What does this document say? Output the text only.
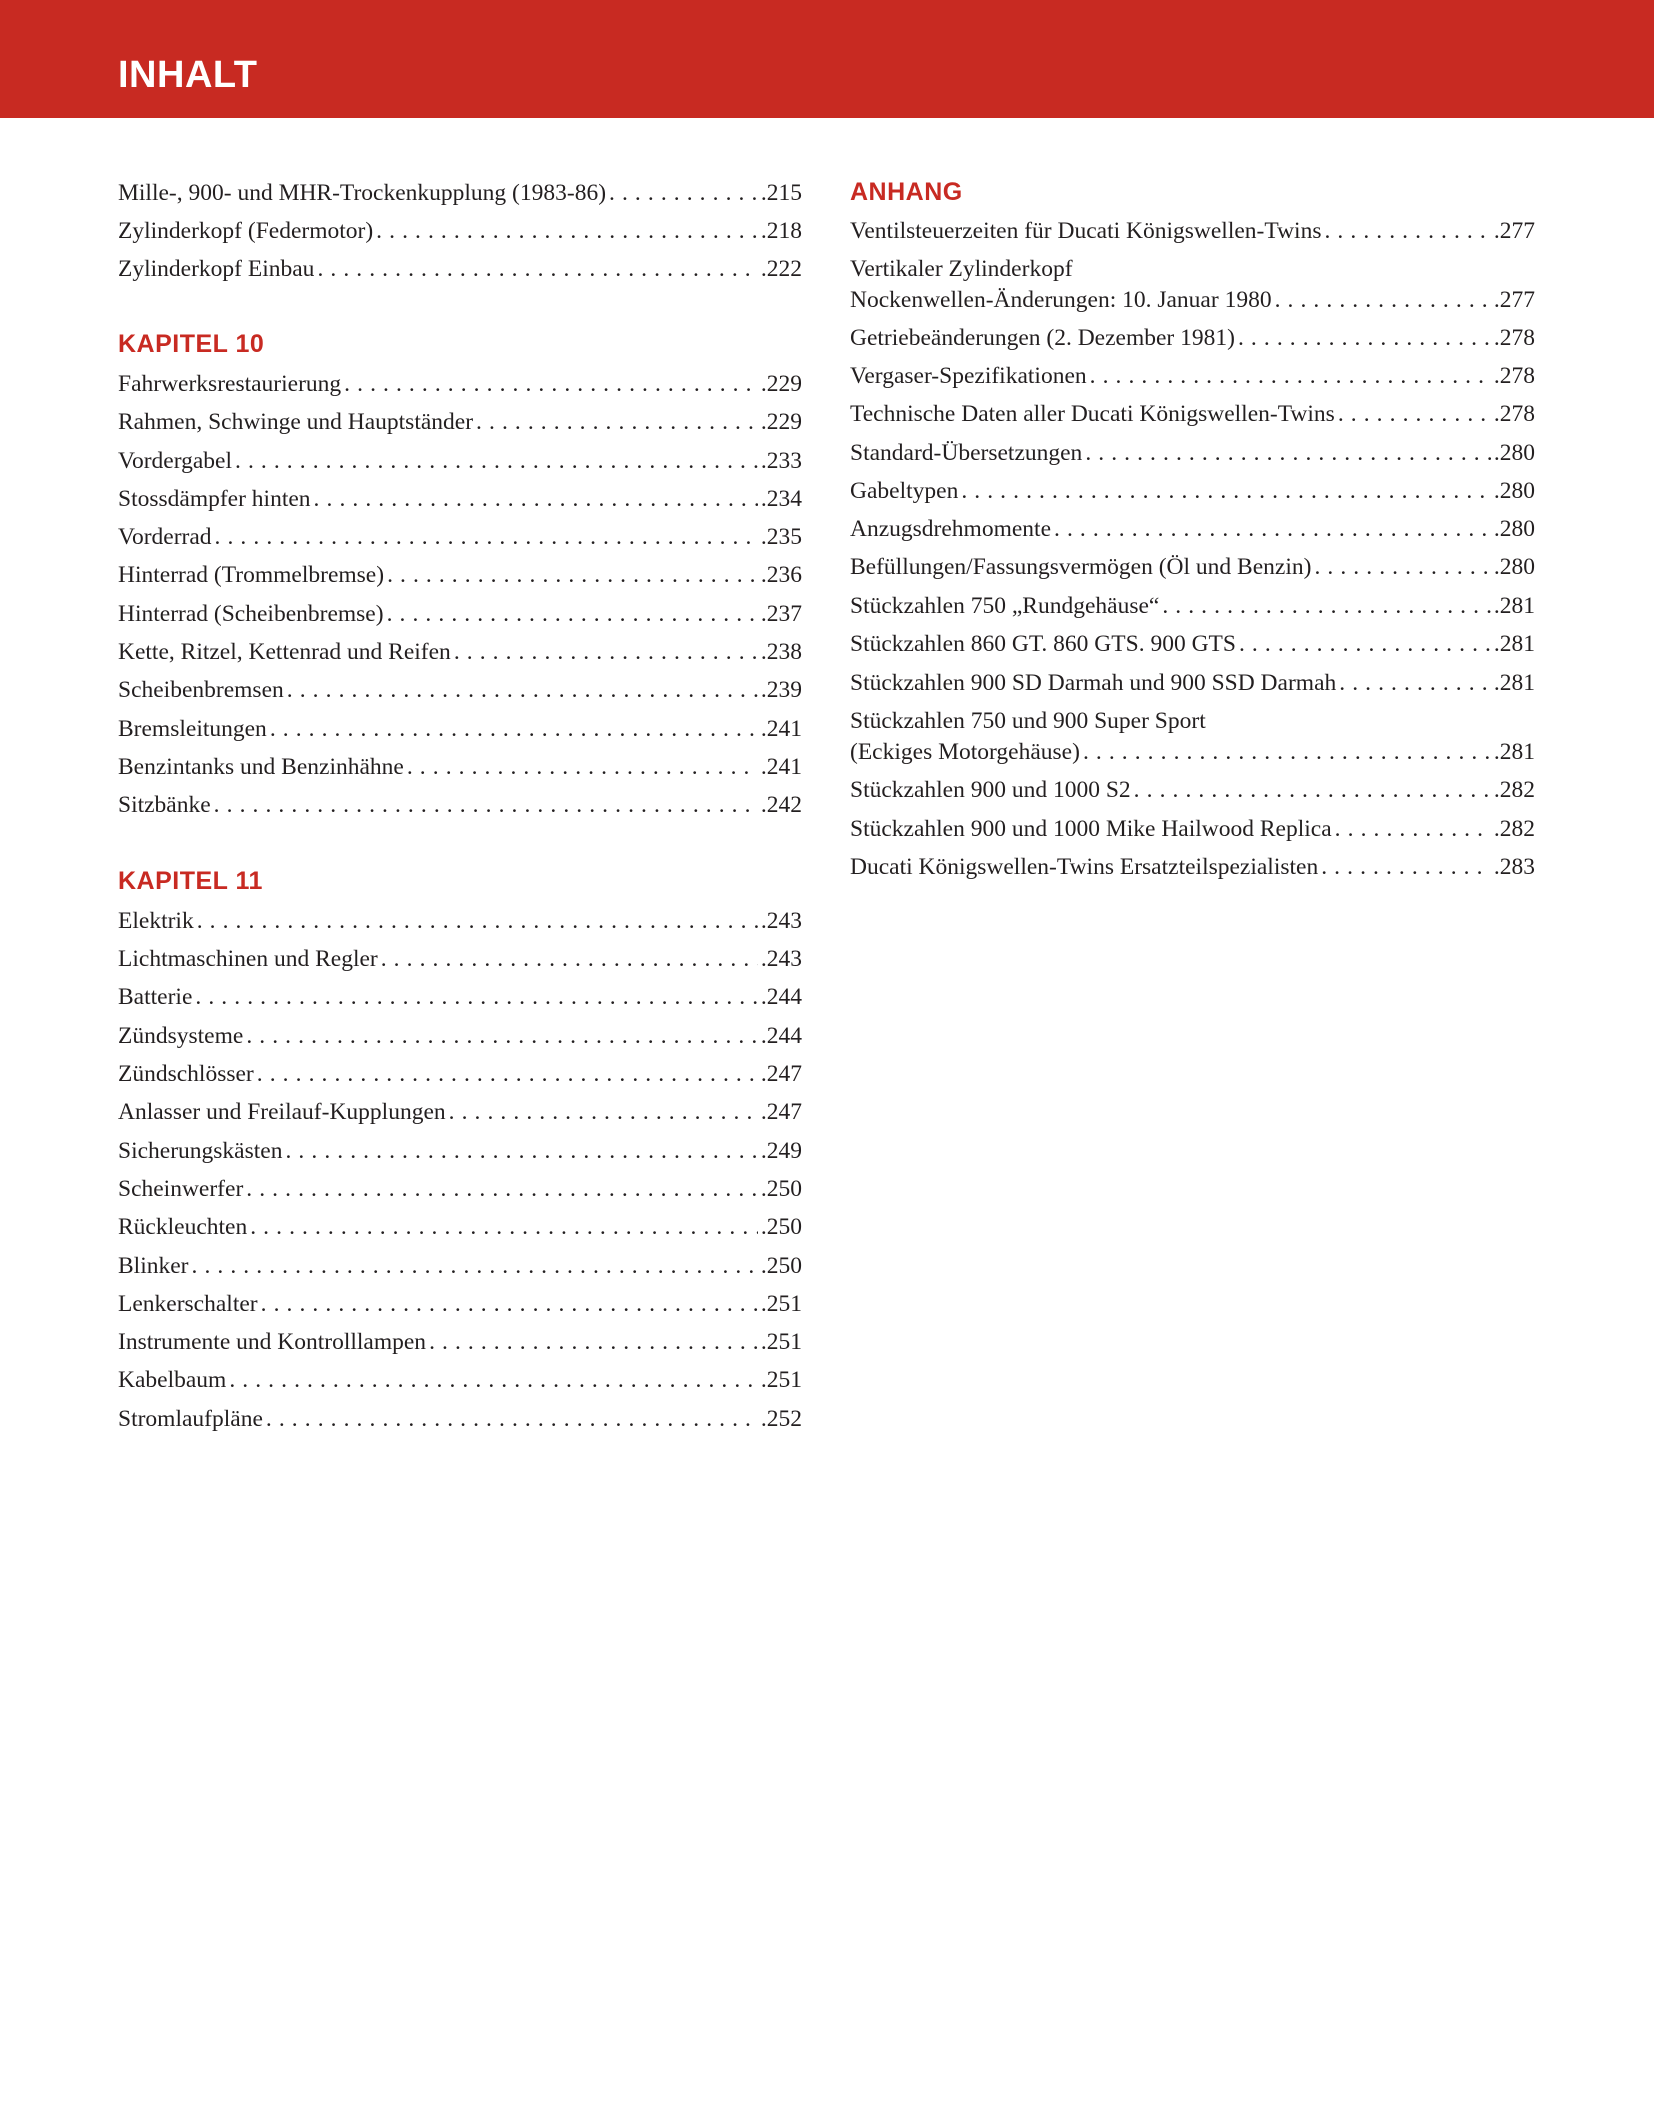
INHALT
Mille-, 900- und MHR-Trockenkupplung (1983-86) . . .	.215
Zylinderkopf (Federmotor) . . .	.218
Zylinderkopf Einbau . . .	.222
KAPITEL 10
Fahrwerksrestaurierung . . .	.229
Rahmen, Schwinge und Hauptständer . . .	.229
Vordergabel . . .	.233
Stossdämpfer hinten . . .	.234
Vorderrad . . .	.235
Hinterrad (Trommelbremse) . . .	.236
Hinterrad (Scheibenbremse) . . .	.237
Kette, Ritzel, Kettenrad und Reifen . . .	.238
Scheibenbremsen . . .	.239
Bremsleitungen . . .	.241
Benzintanks und Benzinhähne . . .	.241
Sitzbänke . . .	.242
KAPITEL 11
Elektrik . . .	.243
Lichtmaschinen und Regler . . .	.243
Batterie . . .	.244
Zündsysteme . . .	.244
Zündschlösser . . .	.247
Anlasser und Freilauf-Kupplungen . . .	.247
Sicherungskästen . . .	.249
Scheinwerfer . . .	.250
Rückleuchten . . .	.250
Blinker . . .	.250
Lenkerschalter . . .	.251
Instrumente und Kontrolllampen . . .	.251
Kabelbaum . . .	.251
Stromlaufpläne . . .	.252
ANHANG
Ventilsteuerzeiten für Ducati Königswellen-Twins . . .	.277
Vertikaler Zylinderkopf
Nockenwellen-Änderungen: 10. Januar 1980 . . .	.277
Getriebeänderungen (2. Dezember 1981) . . .	.278
Vergaser-Spezifikationen . . .	.278
Technische Daten aller Ducati Königswellen-Twins . . .	.278
Standard-Übersetzungen . . .	.280
Gabeltypen . . .	.280
Anzugsdrehmomente . . .	.280
Befüllungen/Fassungsvermögen (Öl und Benzin) . . .	.280
Stückzahlen 750 „Rundgehäuse“ . . .	.281
Stückzahlen 860 GT. 860 GTS. 900 GTS . . .	.281
Stückzahlen 900 SD Darmah und 900 SSD Darmah . . .	.281
Stückzahlen 750 und 900 Super Sport
(Eckiges Motorgehäuse) . . .	.281
Stückzahlen 900 und 1000 S2 . . .	.282
Stückzahlen 900 und 1000 Mike Hailwood Replica . . .	.282
Ducati Königswellen-Twins Ersatzteilspezialisten . . .	.283
